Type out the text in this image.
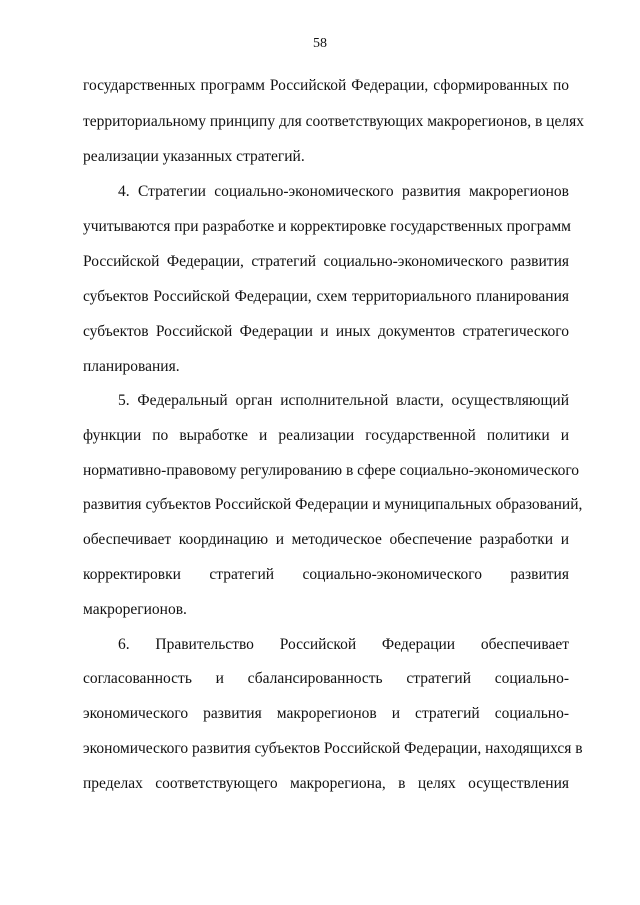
58
государственных программ Российской Федерации, сформированных по
территориальному принципу для соответствующих макрорегионов, в целях
реализации указанных стратегий.
4. Стратегии социально-экономического развития макрорегионов
учитываются при разработке и корректировке государственных программ
Российской Федерации, стратегий социально-экономического развития
субъектов Российской Федерации, схем территориального планирования
субъектов Российской Федерации и иных документов стратегического
планирования.
5. Федеральный орган исполнительной власти, осуществляющий
функции по выработке и реализации государственной политики и
нормативно-правовому регулированию в сфере социально-экономического
развития субъектов Российской Федерации и муниципальных образований,
обеспечивает координацию и методическое обеспечение разработки и
корректировки стратегий социально-экономического развития
макрорегионов.
6. Правительство Российской Федерации обеспечивает
согласованность и сбалансированность стратегий социально-
экономического развития макрорегионов и стратегий социально-
экономического развития субъектов Российской Федерации, находящихся в
пределах соответствующего макрорегиона, в целях осуществления
